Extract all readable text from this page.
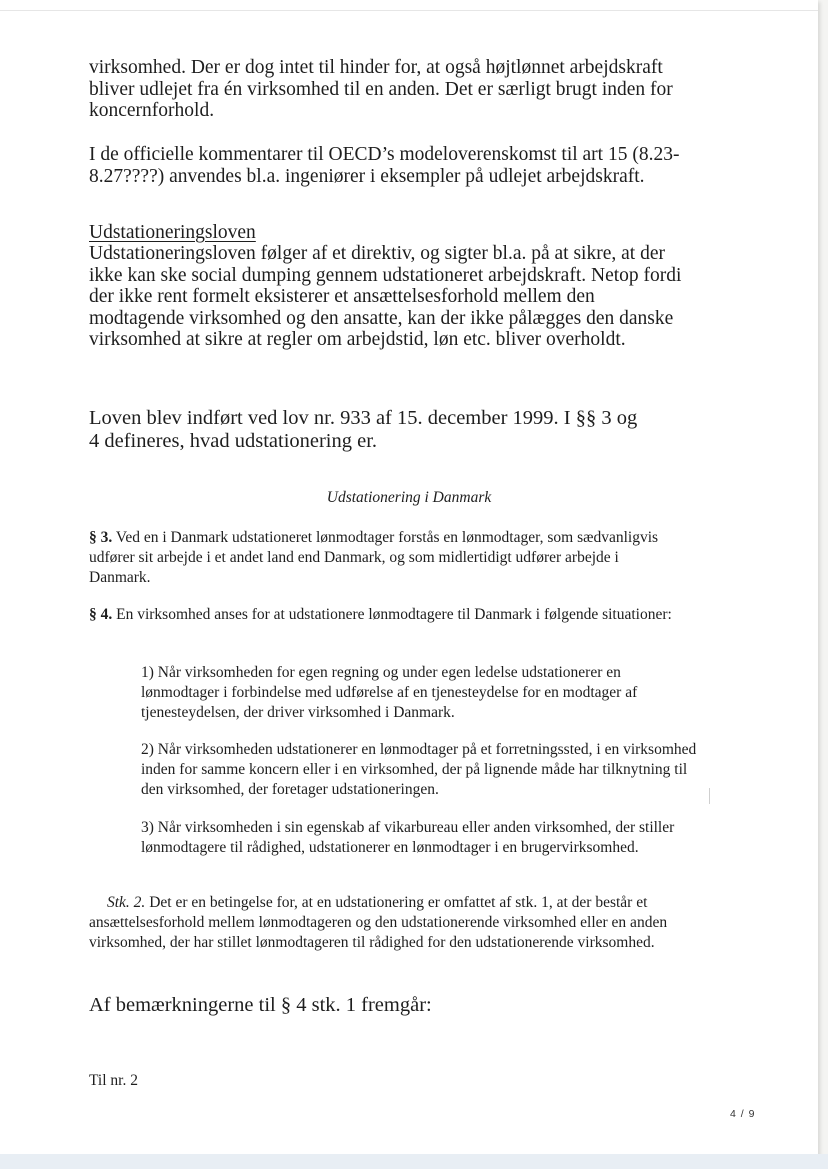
virksomhed. Der er dog intet til hinder for, at også højtlønnet arbejdskraft bliver udlejet fra én virksomhed til en anden. Det er særligt brugt inden for koncernforhold.

I de officielle kommentarer til OECD’s modeloverenskomst til art 15 (8.23-8.27????) anvendes bl.a. ingeniører i eksempler på udlejet arbejdskraft.

Udstationeringsloven

Udstationeringsloven følger af et direktiv, og sigter bl.a. på at sikre, at der ikke kan ske social dumping gennem udstationeret arbejdskraft. Netop fordi der ikke rent formelt eksisterer et ansættelsesforhold mellem den modtagende virksomhed og den ansatte, kan der ikke pålægges den danske virksomhed at sikre at regler om arbejdstid, løn etc. bliver overholdt.

Loven blev indført ved lov nr. 933 af 15. december 1999. I §§ 3 og 4 defineres, hvad udstationering er.

Udstationering i Danmark

§ 3. Ved en i Danmark udstationeret lønmodtager forstås en lønmodtager, som sædvanligvis udfører sit arbejde i et andet land end Danmark, og som midlertidigt udfører arbejde i Danmark.

§ 4. En virksomhed anses for at udstationere lønmodtagere til Danmark i følgende situationer:

1) Når virksomheden for egen regning og under egen ledelse udstationerer en lønmodtager i forbindelse med udførelse af en tjenesteydelse for en modtager af tjenesteydelsen, der driver virksomhed i Danmark.

2) Når virksomheden udstationerer en lønmodtager på et forretningssted, i en virksomhed inden for samme koncern eller i en virksomhed, der på lignende måde har tilknytning til den virksomhed, der foretager udstationeringen.

3) Når virksomheden i sin egenskab af vikarbureau eller anden virksomhed, der stiller lønmodtagere til rådighed, udstationerer en lønmodtager i en brugervirksomhed.

Stk. 2. Det er en betingelse for, at en udstationering er omfattet af stk. 1, at der består et ansættelsesforhold mellem lønmodtageren og den udstationerende virksomhed eller en anden virksomhed, der har stillet lønmodtageren til rådighed for den udstationerende virksomhed.

Af bemærkningerne til § 4 stk. 1 fremgår:

Til nr. 2

4 / 9
